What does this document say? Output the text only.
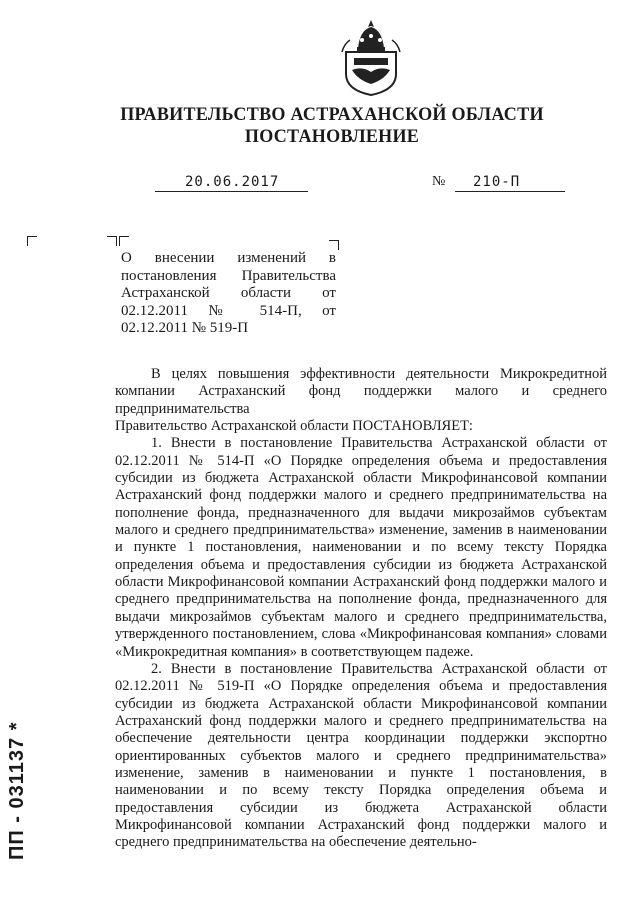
ПРАВИТЕЛЬСТВО АСТРАХАНСКОЙ ОБЛАСТИ
ПОСТАНОВЛЕНИЕ
20.06.2017	№ 210-П
О внесении изменений в постановления Правительства Астраханской области от 02.12.2011 № 514-П, от 02.12.2011 № 519-П

В целях повышения эффективности деятельности Микрокредитной компании Астраханский фонд поддержки малого и среднего предпринимательства

Правительство Астраханской области ПОСТАНОВЛЯЕТ:

1. Внести в постановление Правительства Астраханской области от 02.12.2011 № 514-П «О Порядке определения объема и предоставления субсидии из бюджета Астраханской области Микрофинансовой компании Астраханский фонд поддержки малого и среднего предпринимательства на пополнение фонда, предназначенного для выдачи микрозаймов субъектам малого и среднего предпринимательства» изменение, заменив в наименовании и пункте 1 постановления, наименовании и по всему тексту Порядка определения объема и предоставления субсидии из бюджета Астраханской области Микрофинансовой компании Астраханский фонд поддержки малого и среднего предпринимательства на пополнение фонда, предназначенного для выдачи микрозаймов субъектам малого и среднего предпринимательства, утвержденного постановлением, слова «Микрофинансовая компания» словами «Микрокредитная компания» в соответствующем падеже.

2. Внести в постановление Правительства Астраханской области от 02.12.2011 № 519-П «О Порядке определения объема и предоставления субсидии из бюджета Астраханской области Микрофинансовой компании Астраханский фонд поддержки малого и среднего предпринимательства на обеспечение деятельности центра координации поддержки экспортно ориентированных субъектов малого и среднего предпринимательства» изменение, заменив в наименовании и пункте 1 постановления, в наименовании и по всему тексту Порядка определения объема и предоставления субсидии из бюджета Астраханской области Микрофинансовой компании Астраханский фонд поддержки малого и среднего предпринимательства на обеспечение деятельно-

ПП - 031137 *
